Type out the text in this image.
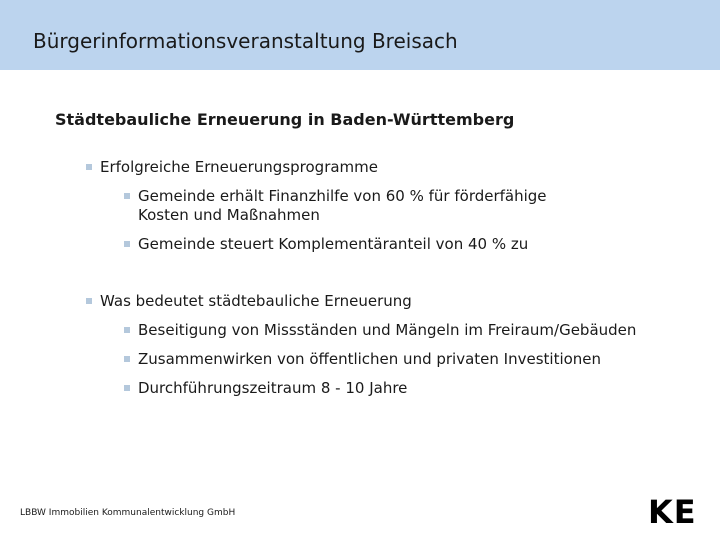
Bürgerinformationsveranstaltung Breisach
Städtebauliche Erneuerung in Baden-Württemberg
Erfolgreiche Erneuerungsprogramme
Gemeinde erhält Finanzhilfe von 60 % für förderfähige Kosten und Maßnahmen
Gemeinde steuert Komplementäranteil von 40 % zu
Was bedeutet städtebauliche Erneuerung
Beseitigung von Missständen und Mängeln im Freiraum/Gebäuden
Zusammenwirken von öffentlichen und privaten Investitionen
Durchführungszeitraum 8 - 10 Jahre
LBBW Immobilien Kommunalentwicklung GmbH	KE
